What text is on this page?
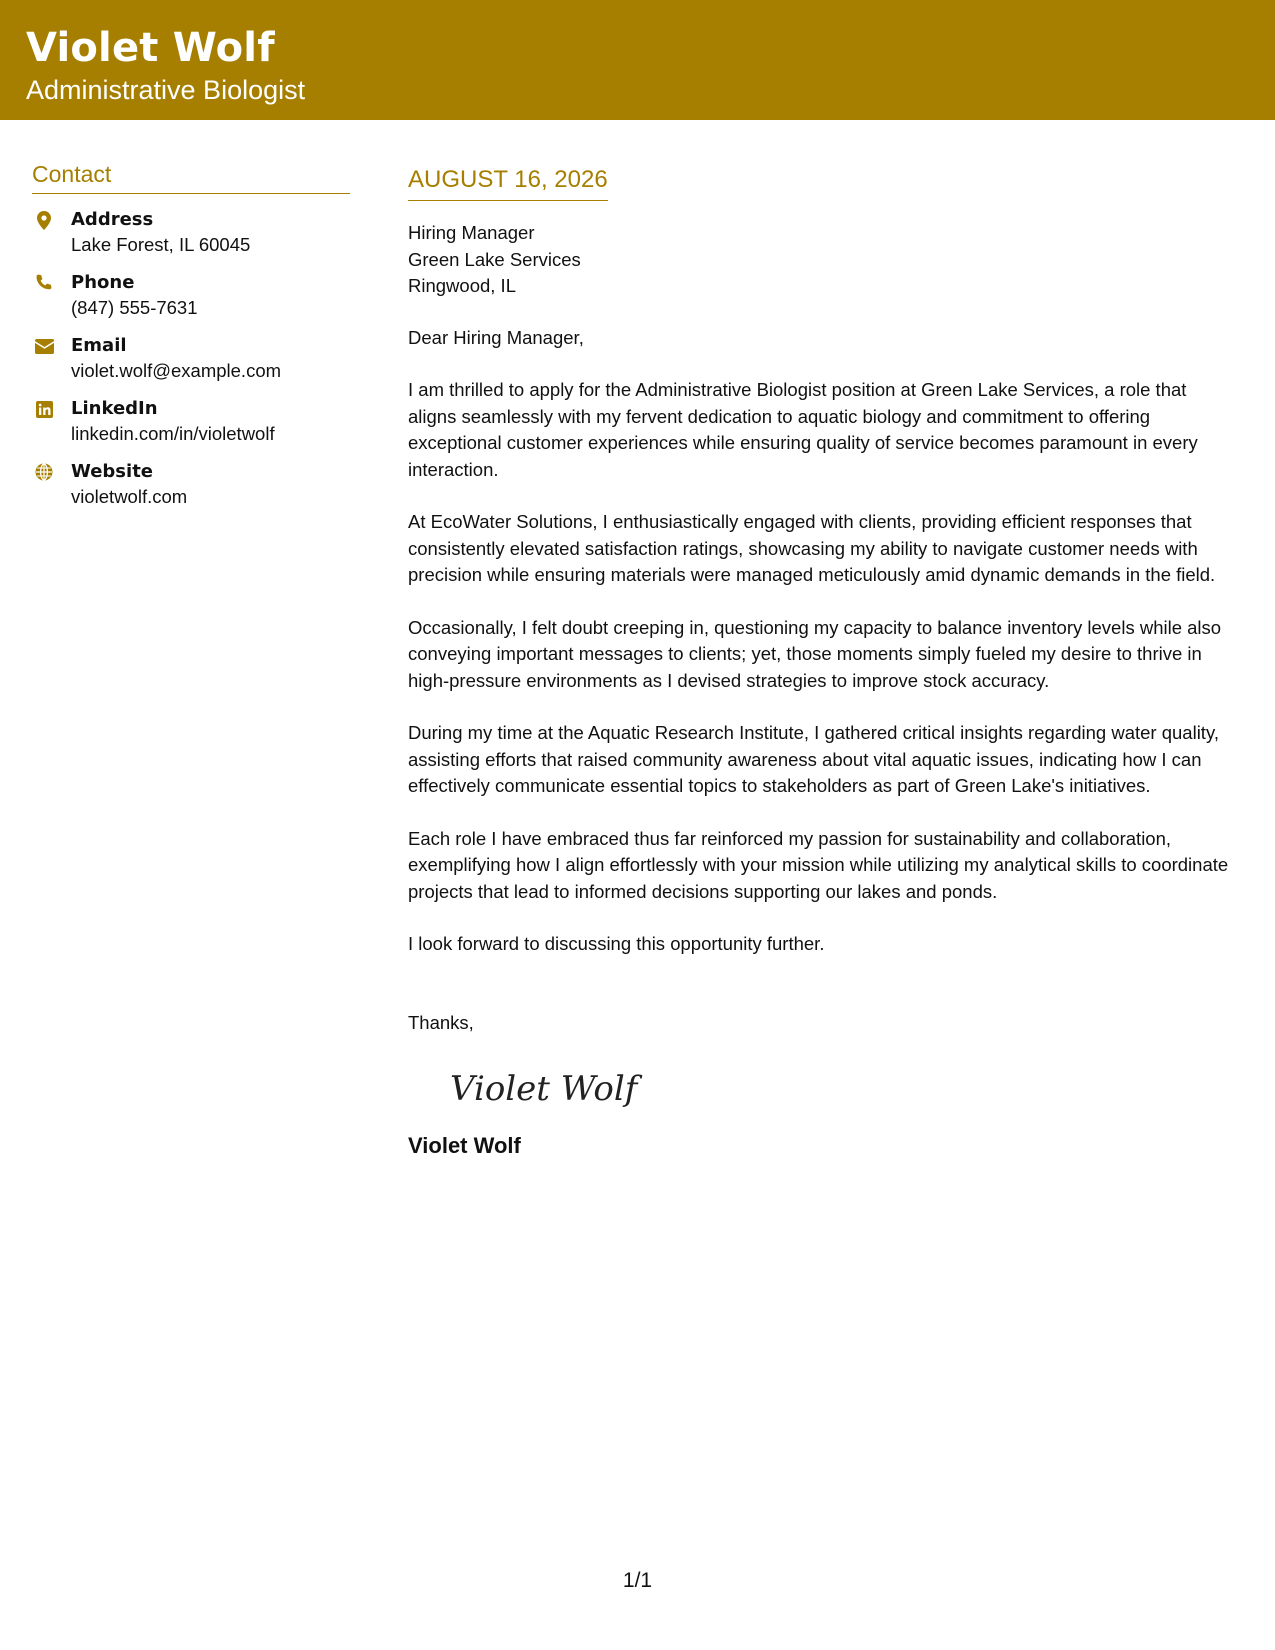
Violet Wolf
Administrative Biologist
Contact
Address
Lake Forest, IL 60045
Phone
(847) 555-7631
Email
violet.wolf@example.com
LinkedIn
linkedin.com/in/violetwolf
Website
violetwolf.com
AUGUST 16, 2026
Hiring Manager
Green Lake Services
Ringwood, IL
Dear Hiring Manager,
I am thrilled to apply for the Administrative Biologist position at Green Lake Services, a role that aligns seamlessly with my fervent dedication to aquatic biology and commitment to offering exceptional customer experiences while ensuring quality of service becomes paramount in every interaction.
At EcoWater Solutions, I enthusiastically engaged with clients, providing efficient responses that consistently elevated satisfaction ratings, showcasing my ability to navigate customer needs with precision while ensuring materials were managed meticulously amid dynamic demands in the field.
Occasionally, I felt doubt creeping in, questioning my capacity to balance inventory levels while also conveying important messages to clients; yet, those moments simply fueled my desire to thrive in high-pressure environments as I devised strategies to improve stock accuracy.
During my time at the Aquatic Research Institute, I gathered critical insights regarding water quality, assisting efforts that raised community awareness about vital aquatic issues, indicating how I can effectively communicate essential topics to stakeholders as part of Green Lake's initiatives.
Each role I have embraced thus far reinforced my passion for sustainability and collaboration, exemplifying how I align effortlessly with your mission while utilizing my analytical skills to coordinate projects that lead to informed decisions supporting our lakes and ponds.
I look forward to discussing this opportunity further.
Thanks,
Violet Wolf
Violet Wolf
1/1
